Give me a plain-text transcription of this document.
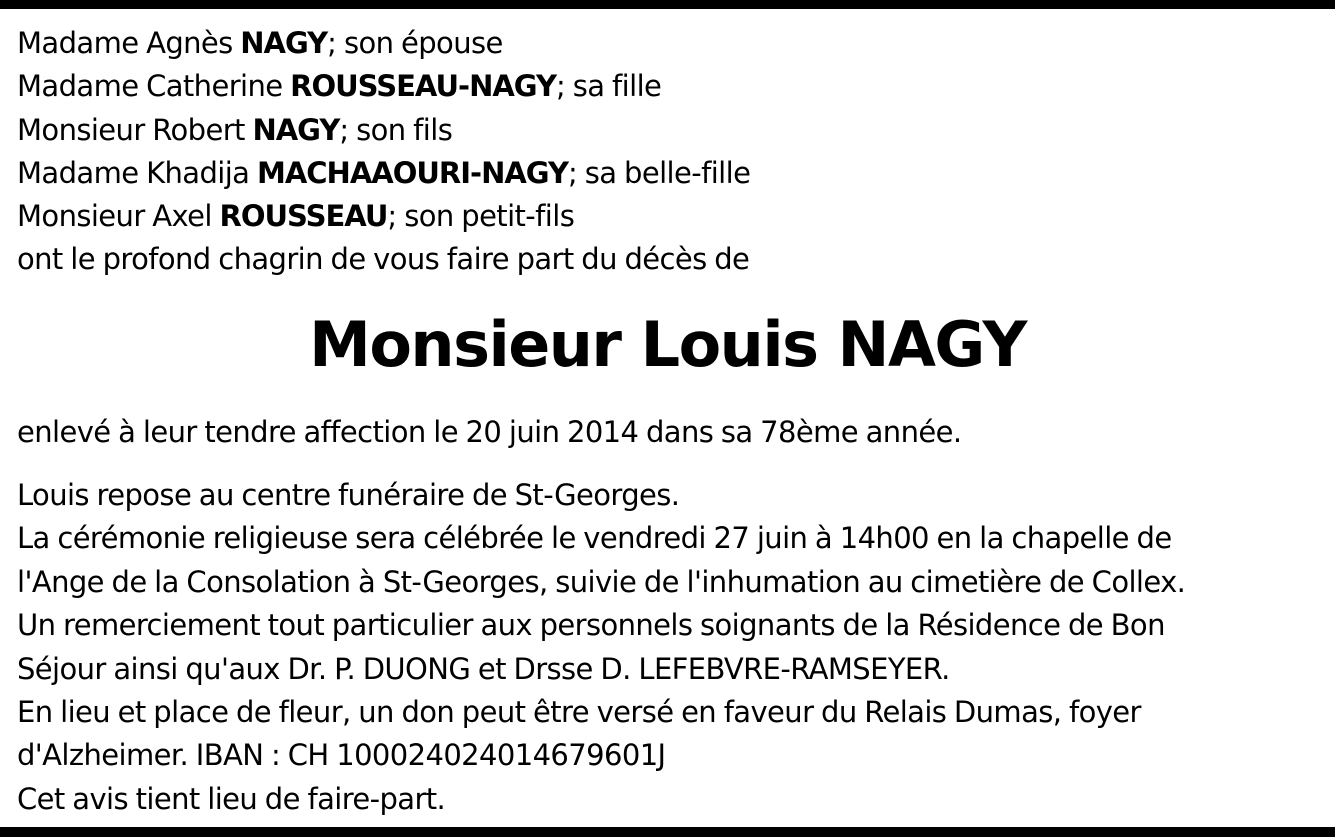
Madame Agnès NAGY; son épouse
Madame Catherine ROUSSEAU-NAGY; sa fille
Monsieur Robert NAGY; son fils
Madame Khadija MACHAAOURI-NAGY; sa belle-fille
Monsieur Axel ROUSSEAU; son petit-fils
ont le profond chagrin de vous faire part du décès de
Monsieur Louis NAGY
enlevé à leur tendre affection le 20 juin 2014 dans sa 78ème année.
Louis repose au centre funéraire de St-Georges.
La cérémonie religieuse sera célébrée le vendredi 27 juin à 14h00 en la chapelle de
l'Ange de la Consolation à St-Georges, suivie de l'inhumation au cimetière de Collex.
Un remerciement tout particulier aux personnels soignants de la Résidence de Bon
Séjour ainsi qu'aux Dr. P. DUONG et Drsse D. LEFEBVRE-RAMSEYER.
En lieu et place de fleur, un don peut être versé en faveur du Relais Dumas, foyer
d'Alzheimer. IBAN : CH 100024024014679601J
Cet avis tient lieu de faire-part.
